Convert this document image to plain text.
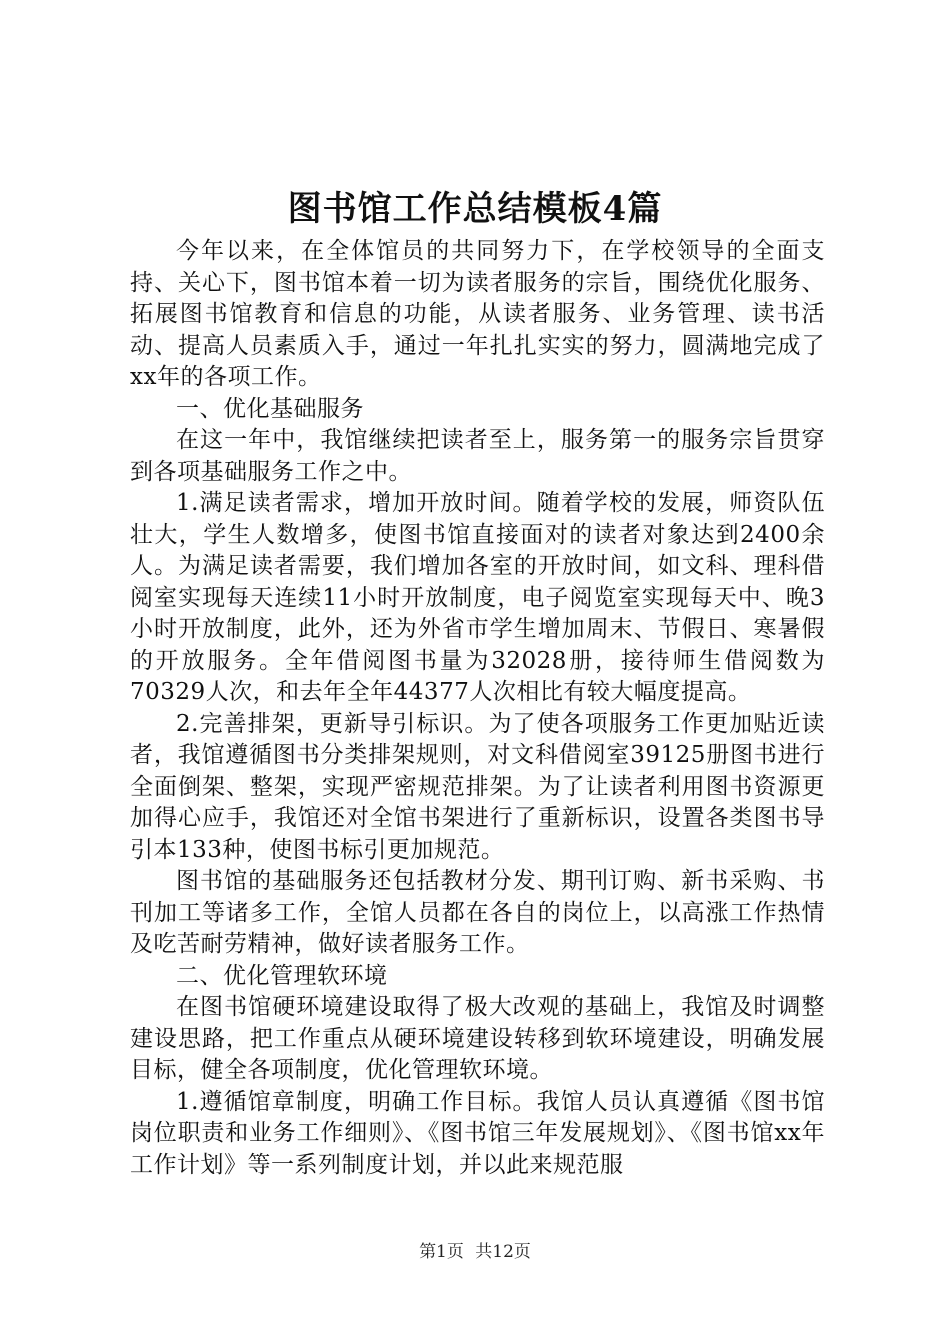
图书馆工作总结模板4篇

今年以来，在全体馆员的共同努力下，在学校领导的全面支持、关心下，图书馆本着一切为读者服务的宗旨，围绕优化服务、拓展图书馆教育和信息的功能，从读者服务、业务管理、读书活动、提高人员素质入手，通过一年扎扎实实的努力，圆满地完成了xx年的各项工作。

一、优化基础服务

在这一年中，我馆继续把读者至上，服务第一的服务宗旨贯穿到各项基础服务工作之中。

1.满足读者需求，增加开放时间。随着学校的发展，师资队伍壮大，学生人数增多，使图书馆直接面对的读者对象达到2400余人。为满足读者需要，我们增加各室的开放时间，如文科、理科借阅室实现每天连续11小时开放制度，电子阅览室实现每天中、晚3小时开放制度，此外，还为外省市学生增加周末、节假日、寒暑假的开放服务。全年借阅图书量为32028册，接待师生借阅数为70329人次，和去年全年44377人次相比有较大幅度提高。

2.完善排架，更新导引标识。为了使各项服务工作更加贴近读者，我馆遵循图书分类排架规则，对文科借阅室39125册图书进行全面倒架、整架，实现严密规范排架。为了让读者利用图书资源更加得心应手，我馆还对全馆书架进行了重新标识，设置各类图书导引本133种，使图书标引更加规范。

图书馆的基础服务还包括教材分发、期刊订购、新书采购、书刊加工等诸多工作，全馆人员都在各自的岗位上，以高涨工作热情及吃苦耐劳精神，做好读者服务工作。

二、优化管理软环境

在图书馆硬环境建设取得了极大改观的基础上，我馆及时调整建设思路，把工作重点从硬环境建设转移到软环境建设，明确发展目标，健全各项制度，优化管理软环境。

1.遵循馆章制度，明确工作目标。我馆人员认真遵循《图书馆岗位职责和业务工作细则》、《图书馆三年发展规划》、《图书馆xx年工作计划》等一系列制度计划，并以此来规范服

第1页 共12页
